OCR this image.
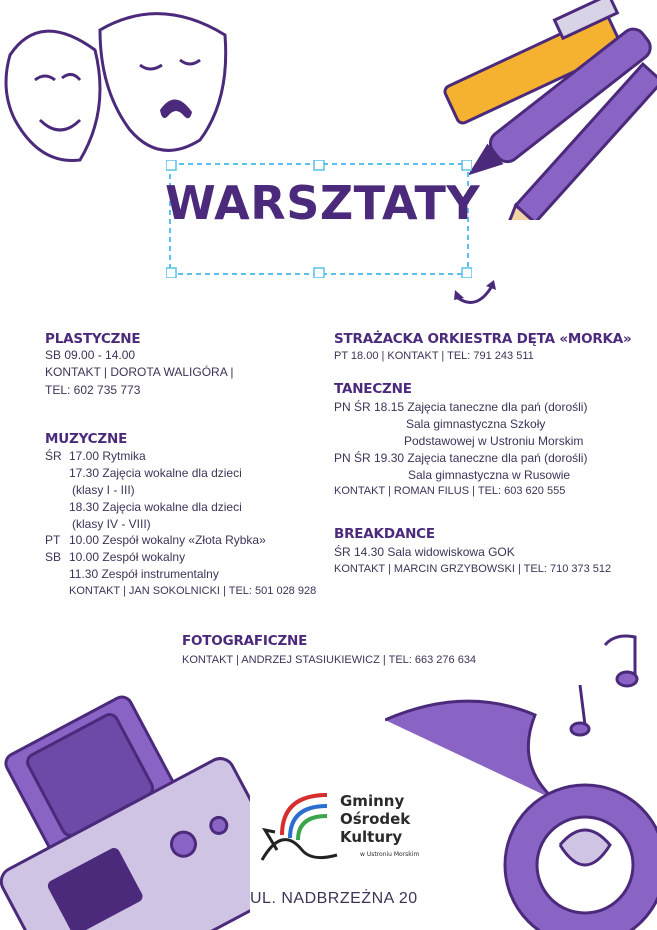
WARSZTATY
PLASTYCZNE
SB 09.00 - 14.00
KONTAKT | DOROTA WALIGÓRA |
TEL: 602 735 773
MUZYCZNE
ŚR 17.00 Rytmika
17.30 Zajęcia wokalne dla dzieci
(klasy I - III)
18.30 Zajęcia wokalne dla dzieci
(klasy IV - VIII)
PT 10.00 Zespół wokalny «Złota Rybka»
SB 10.00 Zespół wokalny
11.30 Zespół instrumentalny
KONTAKT | JAN SOKOLNICKI | TEL: 501 028 928
STRAŻACKA ORKIESTRA DĘTA «MORKA»
PT 18.00 | KONTAKT | TEL: 791 243 511
TANECZNE
PN ŚR 18.15 Zajęcia taneczne dla pań (dorośli)
Sala gimnastyczna Szkoły
Podstawowej w Ustroniu Morskim
PN ŚR 19.30 Zajęcia taneczne dla pań (dorośli)
Sala gimnastyczna w Rusowie
KONTAKT | ROMAN FILUS | TEL: 603 620 555
BREAKDANCE
ŚR 14.30 Sala widowiskowa GOK
KONTAKT | MARCIN GRZYBOWSKI | TEL: 710 373 512
FOTOGRAFICZNE
KONTAKT | ANDRZEJ STASIUKIEWICZ | TEL: 663 276 634
Gminny
Ośrodek
Kultury
w Ustroniu Morskim
UL. NADBRZEŻNA 20
